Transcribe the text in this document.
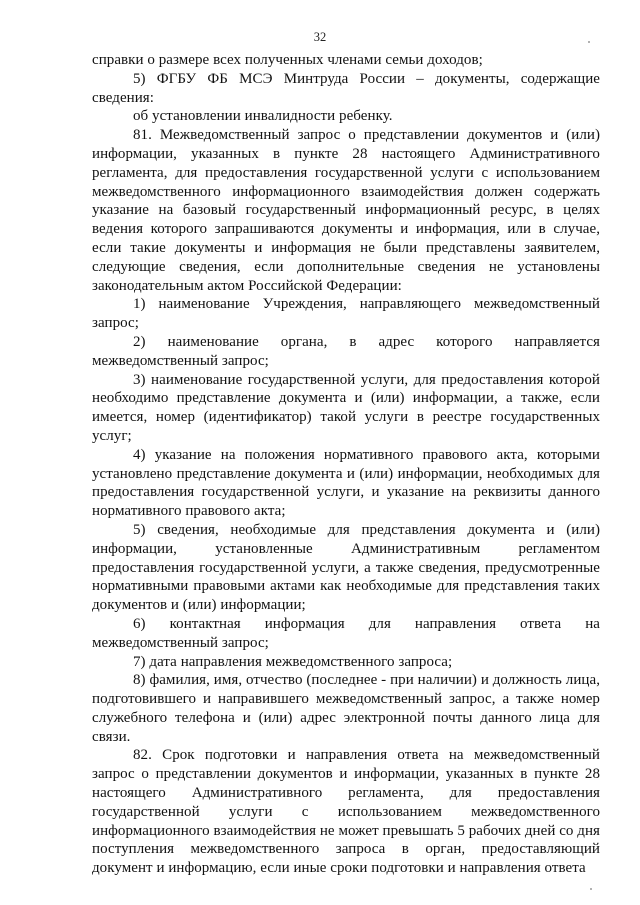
32

справки о размере всех полученных членами семьи доходов;

5) ФГБУ ФБ МСЭ Минтруда России – документы, содержащие сведения:

об установлении инвалидности ребенку.

81. Межведомственный запрос о представлении документов и (или) информации, указанных в пункте 28 настоящего Административного регламента, для предоставления государственной услуги с использованием межведомственного информационного взаимодействия должен содержать указание на базовый государственный информационный ресурс, в целях ведения которого запрашиваются документы и информация, или в случае, если такие документы и информация не были представлены заявителем, следующие сведения, если дополнительные сведения не установлены законодательным актом Российской Федерации:

1) наименование Учреждения, направляющего межведомственный запрос;

2) наименование органа, в адрес которого направляется межведомственный запрос;

3) наименование государственной услуги, для предоставления которой необходимо представление документа и (или) информации, а также, если имеется, номер (идентификатор) такой услуги в реестре государственных услуг;

4) указание на положения нормативного правового акта, которыми установлено представление документа и (или) информации, необходимых для предоставления государственной услуги, и указание на реквизиты данного нормативного правового акта;

5) сведения, необходимые для представления документа и (или) информации, установленные Административным регламентом предоставления государственной услуги, а также сведения, предусмотренные нормативными правовыми актами как необходимые для представления таких документов и (или) информации;

6) контактная информация для направления ответа на межведомственный запрос;

7) дата направления межведомственного запроса;

8) фамилия, имя, отчество (последнее - при наличии) и должность лица, подготовившего и направившего межведомственный запрос, а также номер служебного телефона и (или) адрес электронной почты данного лица для связи.

82. Срок подготовки и направления ответа на межведомственный запрос о представлении документов и информации, указанных в пункте 28 настоящего Административного регламента, для предоставления государственной услуги с использованием межведомственного информационного взаимодействия не может превышать 5 рабочих дней со дня поступления межведомственного запроса в орган, предоставляющий документ и информацию, если иные сроки подготовки и направления ответа
